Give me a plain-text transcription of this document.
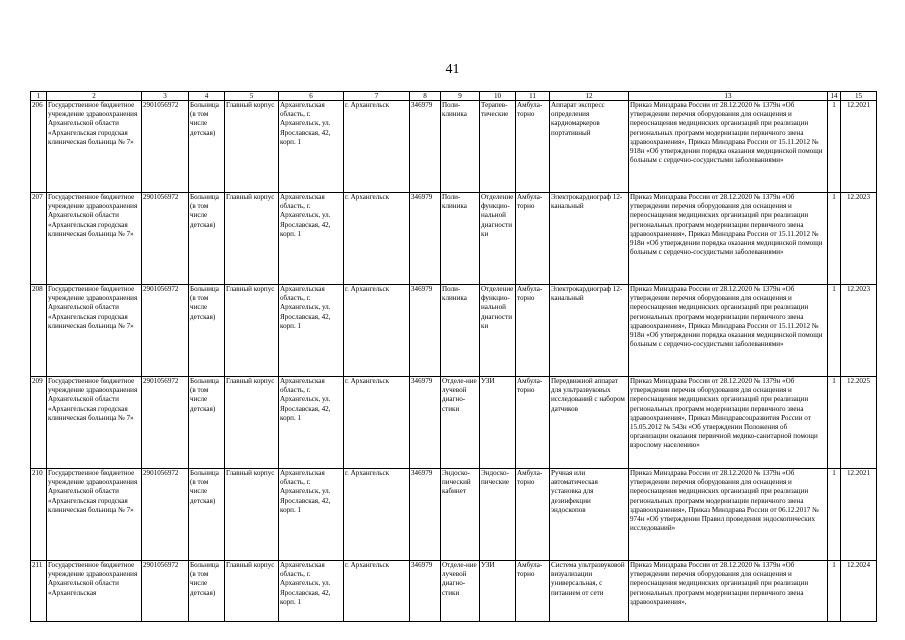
41
1	2	3	4	5	6	7	8	9	10	11	12	13	14	15
206	Государственное бюджетное учреждение здравоохранения Архангельской области «Архангельская городская клиническая больница № 7»	2901056972	Больница (в том числе детская)	Главный корпус	Архангельская область, г. Архангельск, ул. Ярославская, 42, корп. 1	г. Архангельск	346979	Поли-клиника	Терапев-тические	Амбула-торно	Аппарат экспресс определения кардиомаркеров портативный	Приказ Минздрава России от 28.12.2020 № 1379н «Об утверждении перечня оборудования для оснащения и переоснащения медицинских организаций при реализации региональных программ модернизации первичного звена здравоохранения», Приказ Минздрава России от 15.11.2012 № 918н «Об утверждении порядка оказания медицинской помощи больным с сердечно-сосудистыми заболеваниями»	1	12.2021
207	Государственное бюджетное учреждение здравоохранения Архангельской области «Архангельская городская клиническая больница № 7»	2901056972	Больница (в том числе детская)	Главный корпус	Архангельская область, г. Архангельск, ул. Ярославская, 42, корп. 1	г. Архангельск	346979	Поли-клиника	Отделение функцио-нальной диагностики	Амбула-торно	Электрокардиограф 12-канальный	Приказ Минздрава России от 28.12.2020 № 1379н «Об утверждении перечня оборудования для оснащения и переоснащения медицинских организаций при реализации региональных программ модернизации первичного звена здравоохранения», Приказ Минздрава России от 15.11.2012 № 918н «Об утверждении порядка оказания медицинской помощи больным с сердечно-сосудистыми заболеваниями»	1	12.2023
208	Государственное бюджетное учреждение здравоохранения Архангельской области «Архангельская городская клиническая больница № 7»	2901056972	Больница (в том числе детская)	Главный корпус	Архангельская область, г. Архангельск, ул. Ярославская, 42, корп. 1	г. Архангельск	346979	Поли-клиника	Отделение функцио-нальной диагностики	Амбула-торно	Электрокардиограф 12-канальный	Приказ Минздрава России от 28.12.2020 № 1379н «Об утверждении перечня оборудования для оснащения и переоснащения медицинских организаций при реализации региональных программ модернизации первичного звена здравоохранения», Приказ Минздрава России от 15.11.2012 № 918н «Об утверждении порядка оказания медицинской помощи больным с сердечно-сосудистыми заболеваниями»	1	12.2023
209	Государственное бюджетное учреждение здравоохранения Архангельской области «Архангельская городская клиническая больница № 7»	2901056972	Больница (в том числе детская)	Главный корпус	Архангельская область, г. Архангельск, ул. Ярославская, 42, корп. 1	г. Архангельск	346979	Отделе-ние лучевой диагно-стики	УЗИ	Амбула-торно	Передвижной аппарат для ультразвуковых исследований с набором датчиков	Приказ Минздрава России от 28.12.2020 № 1379н «Об утверждении перечня оборудования для оснащения и переоснащения медицинских организаций при реализации региональных программ модернизации первичного звена здравоохранения», Приказ Минздравсоцразвития России от 15.05.2012 № 543н «Об утверждении Положения об организации оказания первичной медико-санитарной помощи взрослому населению»	1	12.2025
210	Государственное бюджетное учреждение здравоохранения Архангельской области «Архангельская городская клиническая больница № 7»	2901056972	Больница (в том числе детская)	Главный корпус	Архангельская область, г. Архангельск, ул. Ярославская, 42, корп. 1	г. Архангельск	346979	Эндоско-пический кабинет	Эндоско-пические	Амбула-торно	Ручная или автоматическая установка для дезинфекции эндоскопов	Приказ Минздрава России от 28.12.2020 № 1379н «Об утверждении перечня оборудования для оснащения и переоснащения медицинских организаций при реализации региональных программ модернизации первичного звена здравоохранения», Приказ Минздрава России от 06.12.2017 № 974н «Об утверждении Правил проведения эндоскопических исследований»	1	12.2021
211	Государственное бюджетное учреждение здравоохранения Архангельской области «Архангельская	2901056972	Больница (в том числе детская)	Главный корпус	Архангельская область, г. Архангельск, ул. Ярославская, 42, корп. 1	г. Архангельск	346979	Отделе-ние лучевой диагно-стики	УЗИ	Амбула-торно	Система ультразвуковой визуализации универсальная, с питанием от сети	Приказ Минздрава России от 28.12.2020 № 1379н «Об утверждении перечня оборудования для оснащения и переоснащения медицинских организаций при реализации региональных программ модернизации первичного звена здравоохранения»,	1	12.2024
